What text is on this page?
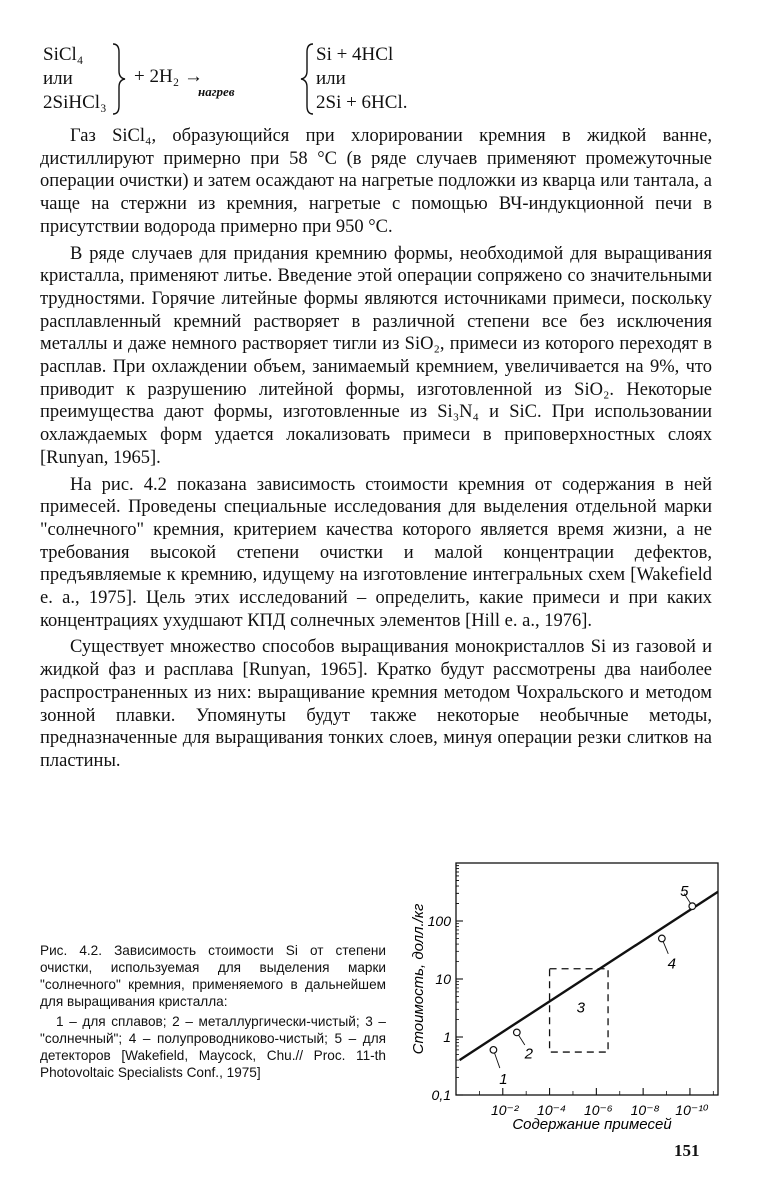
SiCl₄
или
2SiHCl₃
+ 2H₂ →
нагрев
Si + 4HCl
или
2Si + 6HCl.

Газ SiCl₄, образующийся при хлорировании кремния в жидкой ванне, дистиллируют примерно при 58 °С (в ряде случаев применяют промежуточные операции очистки) и затем осаждают на нагретые подложки из кварца или тантала, а чаще на стержни из кремния, нагретые с помощью ВЧ-индукционной печи в присутствии водорода примерно при 950 °С.

В ряде случаев для придания кремнию формы, необходимой для выращивания кристалла, применяют литье. Введение этой операции сопряжено со значительными трудностями. Горячие литейные формы являются источниками примеси, поскольку расплавленный кремний растворяет в различной степени все без исключения металлы и даже немного растворяет тигли из SiO₂, примеси из которого переходят в расплав. При охлаждении объем, занимаемый кремнием, увеличивается на 9%, что приводит к разрушению литейной формы, изготовленной из SiO₂. Некоторые преимущества дают формы, изготовленные из Si₃N₄ и SiC. При использовании охлаждаемых форм удается локализовать примеси в приповерхностных слоях [Runyan, 1965].

На рис. 4.2 показана зависимость стоимости кремния от содержания в ней примесей. Проведены специальные исследования для выделения отдельной марки "солнечного" кремния, критерием качества которого является время жизни, а не требования высокой степени очистки и малой концентрации дефектов, предъявляемые к кремнию, идущему на изготовление интегральных схем [Wakefield e. a., 1975]. Цель этих исследований – определить, какие примеси и при каких концентрациях ухудшают КПД солнечных элементов [Hill e. a., 1976].

Существует множество способов выращивания монокристаллов Si из газовой и жидкой фаз и расплава [Runyan, 1965]. Кратко будут рассмотрены два наиболее распространенных из них: выращивание кремния методом Чохральского и методом зонной плавки. Упомянуты будут также некоторые необычные методы, предназначенные для выращивания тонких слоев, минуя операции резки слитков на пластины.

Рис. 4.2. Зависимость стоимости Si от степени очистки, используемая для выделения марки "солнечного" кремния, применяемого в дальнейшем для выращивания кристалла:

1 – для сплавов; 2 – металлургически-чистый; 3 – "солнечный"; 4 – полупроводниково-чистый; 5 – для детекторов [Wakefield, Maycock, Chu.// Proc. 11-th Photovoltaic Specialists Conf., 1975]

0,1
1
10
100
10⁻² 10⁻⁴ 10⁻⁶ 10⁻⁸ 10⁻¹⁰
Содержание примесей
Стоимость, долл./кг	3
1
2
4
5
151
